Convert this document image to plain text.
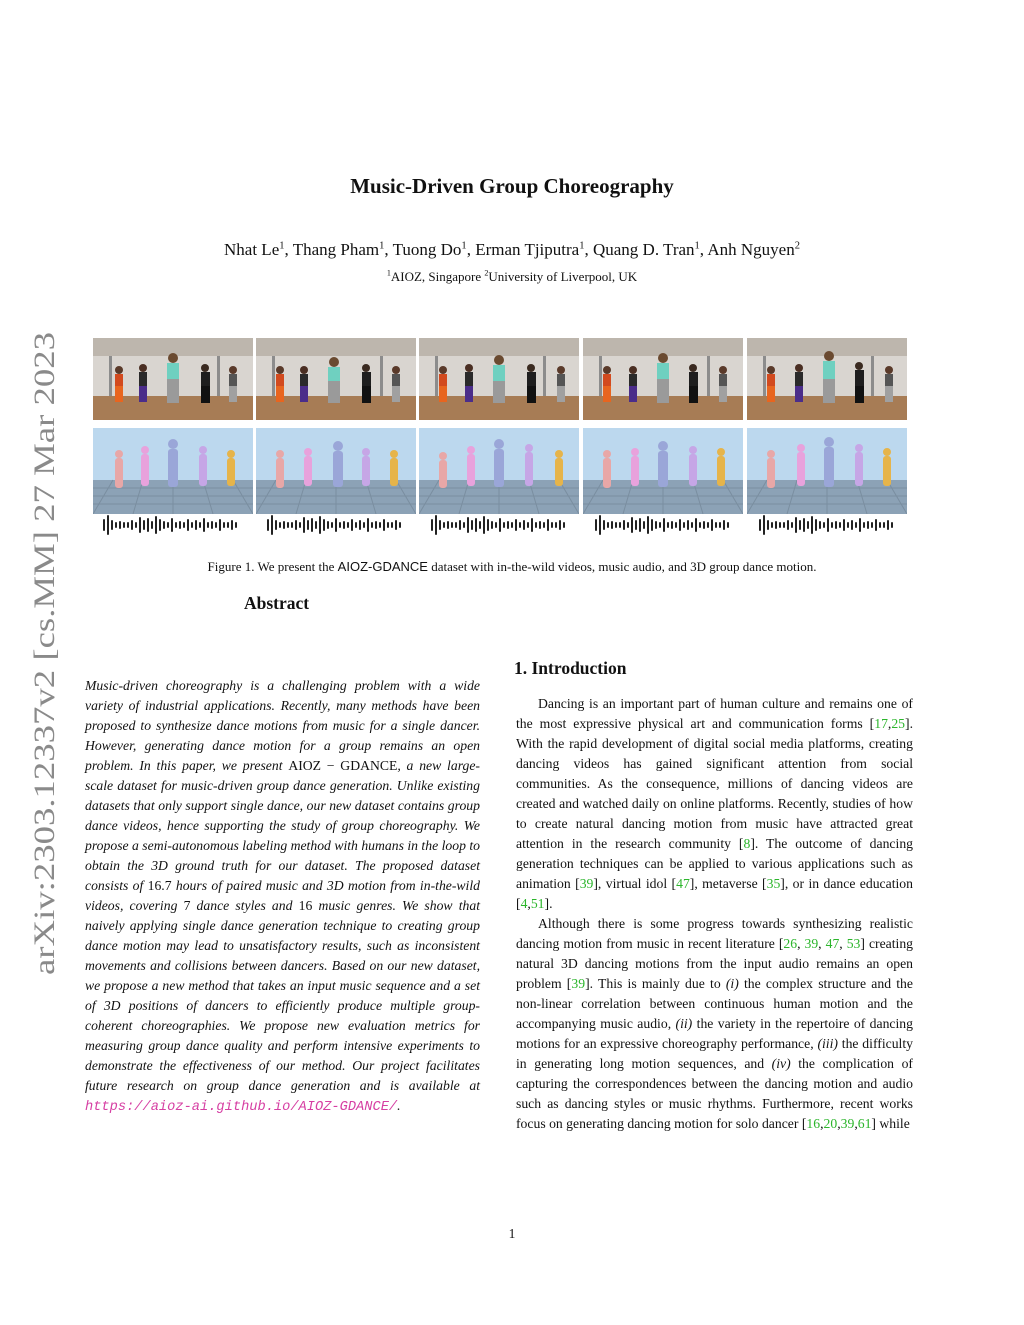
arXiv:2303.12337v2 [cs.MM] 27 Mar 2023
Music-Driven Group Choreography
Nhat Le$^1$, Thang Pham$^1$, Tuong Do$^1$, Erman Tjiputra$^1$, Quang D. Tran$^1$, Anh Nguyen$^2$
$^1$AIOZ, Singapore $^2$University of Liverpool, UK
Figure 1. We present the AIOZ-GDANCE dataset with in-the-wild videos, music audio, and 3D group dance motion.
Abstract
Music-driven choreography is a challenging problem with a wide variety of industrial applications. Recently, many methods have been proposed to synthesize dance motions from music for a single dancer. However, generating dance motion for a group remains an open problem. In this paper, we present AIOZ − GDANCE, a new large-scale dataset for music-driven group dance generation. Unlike existing datasets that only support single dance, our new dataset contains group dance videos, hence supporting the study of group choreography. We propose a semi-autonomous labeling method with humans in the loop to obtain the 3D ground truth for our dataset. The proposed dataset consists of 16.7 hours of paired music and 3D motion from in-the-wild videos, covering 7 dance styles and 16 music genres. We show that naively applying single dance generation technique to creating group dance motion may lead to unsatisfactory results, such as inconsistent movements and collisions between dancers. Based on our new dataset, we propose a new method that takes an input music sequence and a set of 3D positions of dancers to efficiently produce multiple group-coherent choreographies. We propose new evaluation metrics for measuring group dance quality and perform intensive experiments to demonstrate the effectiveness of our method. Our project facilitates future research on group dance generation and is available at https://aioz-ai.github.io/AIOZ-GDANCE/.
1. Introduction

Dancing is an important part of human culture and remains one of the most expressive physical art and communication forms [17,25]. With the rapid development of digital social media platforms, creating dancing videos has gained significant attention from social communities. As the consequence, millions of dancing videos are created and watched daily on online platforms. Recently, studies of how to create natural dancing motion from music have attracted great attention in the research community [8]. The outcome of dancing generation techniques can be applied to various applications such as animation [39], virtual idol [47], metaverse [35], or in dance education [4,51].

Although there is some progress towards synthesizing realistic dancing motion from music in recent literature [26, 39, 47, 53] creating natural 3D dancing motions from the input audio remains an open problem [39]. This is mainly due to (i) the complex structure and the non-linear correlation between continuous human motion and the accompanying music audio, (ii) the variety in the repertoire of dancing motions for an expressive choreography performance, (iii) the difficulty in generating long motion sequences, and (iv) the complication of capturing the correspondences between the dancing motion and audio such as dancing styles or music rhythms. Furthermore, recent works focus on generating dancing motion for solo dancer [16,20,39,61] while

1
